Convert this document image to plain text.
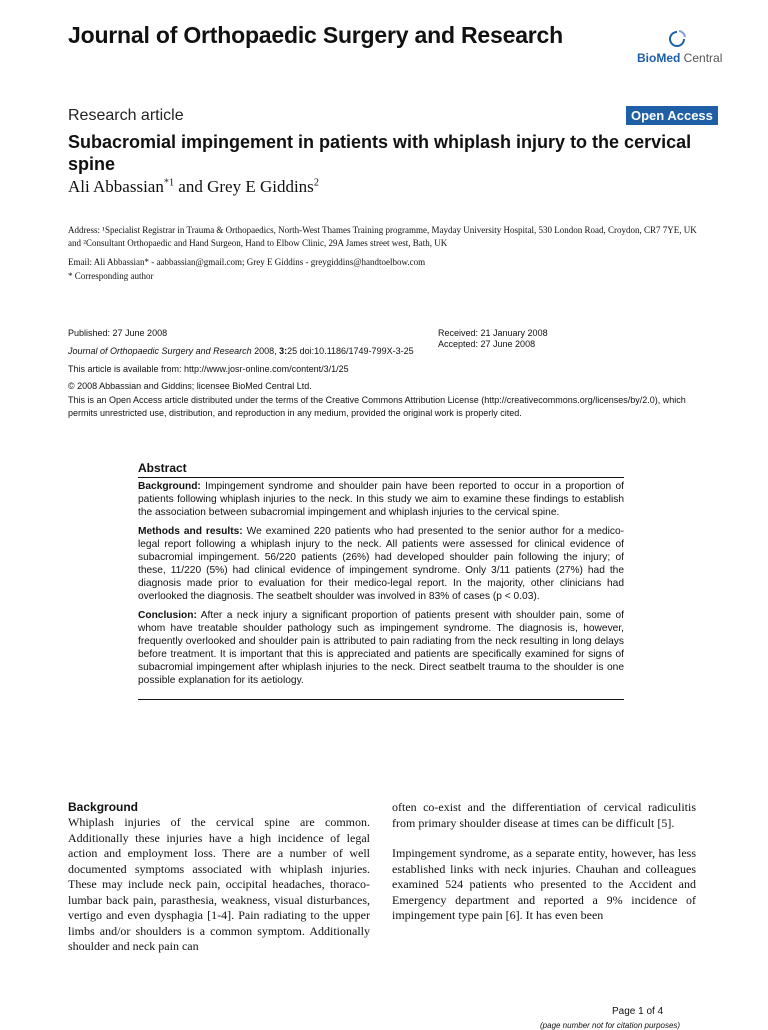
Journal of Orthopaedic Surgery and Research
BioMed Central
Research article	Open Access
Subacromial impingement in patients with whiplash injury to the cervical spine
Ali Abbassian$^{*1}$ and Grey E Giddins$^2$
Address: ¹Specialist Registrar in Trauma & Orthopaedics, North-West Thames Training programme, Mayday University Hospital, 530 London Road, Croydon, CR7 7YE, UK and ²Consultant Orthopaedic and Hand Surgeon, Hand to Elbow Clinic, 29A James street west, Bath, UK
Email: Ali Abbassian* - aabbassian@gmail.com; Grey E Giddins - greygiddins@handtoelbow.com
* Corresponding author
Published: 27 June 2008
Journal of Orthopaedic Surgery and Research 2008, 3:25 doi:10.1186/1749-799X-3-25
Received: 21 January 2008
Accepted: 27 June 2008
This article is available from: http://www.josr-online.com/content/3/1/25
© 2008 Abbassian and Giddins; licensee BioMed Central Ltd.
This is an Open Access article distributed under the terms of the Creative Commons Attribution License (http://creativecommons.org/licenses/by/2.0), which permits unrestricted use, distribution, and reproduction in any medium, provided the original work is properly cited.
Abstract

Background: Impingement syndrome and shoulder pain have been reported to occur in a proportion of patients following whiplash injuries to the neck. In this study we aim to examine these findings to establish the association between subacromial impingement and whiplash injuries to the cervical spine.

Methods and results: We examined 220 patients who had presented to the senior author for a medico-legal report following a whiplash injury to the neck. All patients were assessed for clinical evidence of subacromial impingement. 56/220 patients (26%) had developed shoulder pain following the injury; of these, 11/220 (5%) had clinical evidence of impingement syndrome. Only 3/11 patients (27%) had the diagnosis made prior to evaluation for their medico-legal report. In the majority, other clinicians had overlooked the diagnosis. The seatbelt shoulder was involved in 83% of cases (p < 0.03).

Conclusion: After a neck injury a significant proportion of patients present with shoulder pain, some of whom have treatable shoulder pathology such as impingement syndrome. The diagnosis is, however, frequently overlooked and shoulder pain is attributed to pain radiating from the neck resulting in long delays before treatment. It is important that this is appreciated and patients are specifically examined for signs of subacromial impingement after whiplash injuries to the neck. Direct seatbelt trauma to the shoulder is one possible explanation for its aetiology.

Background

Whiplash injuries of the cervical spine are common. Additionally these injuries have a high incidence of legal action and employment loss. There are a number of well documented symptoms associated with whiplash injuries. These may include neck pain, occipital headaches, thoraco-lumbar back pain, parasthesia, weakness, visual disturbances, vertigo and even dysphagia [1-4]. Pain radiating to the upper limbs and/or shoulders is a common symptom. Additionally shoulder and neck pain can

often co-exist and the differentiation of cervical radiculitis from primary shoulder disease at times can be difficult [5].

Impingement syndrome, as a separate entity, however, has less established links with neck injuries. Chauhan and colleagues examined 524 patients who presented to the Accident and Emergency department and reported a 9% incidence of impingement type pain [6]. It has even been

Page 1 of 4
(page number not for citation purposes)
